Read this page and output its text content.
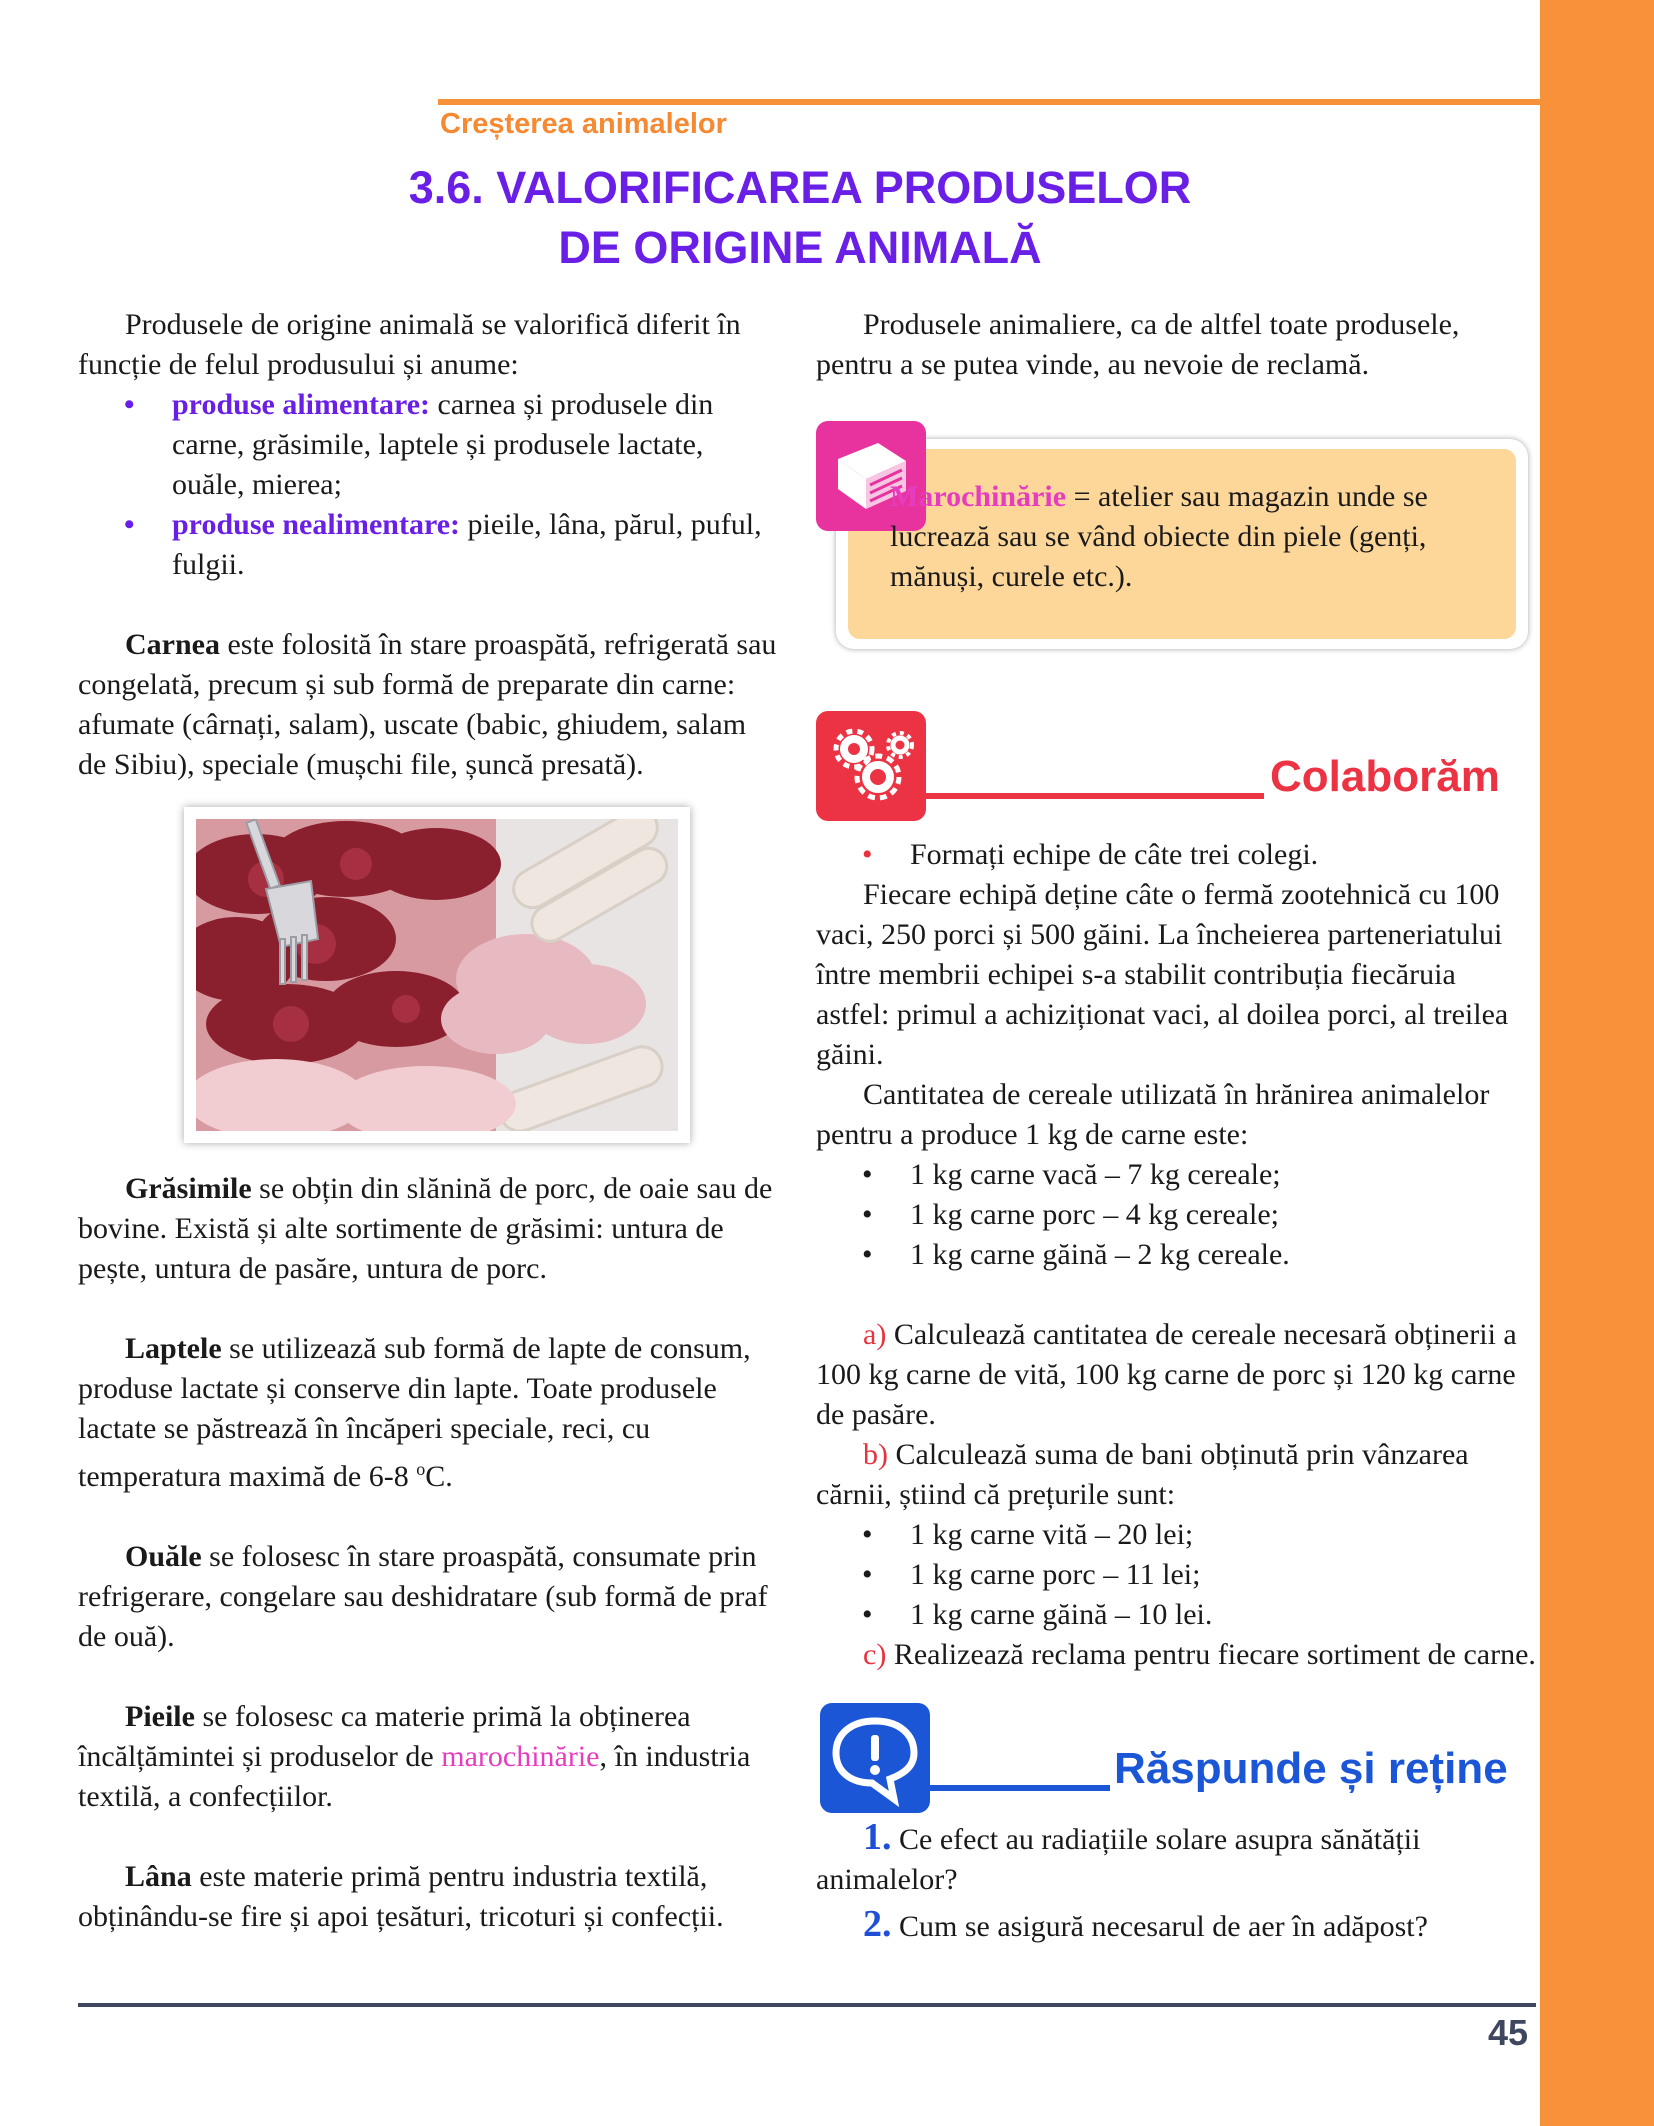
Creșterea animalelor
3.6. VALORIFICAREA PRODUSELOR
DE ORIGINE ANIMALĂ

Produsele de origine animală se valorifică diferit în funcție de felul produsului și anume:

• produse alimentare: carnea și produsele din carne, grăsimile, laptele și produsele lactate, ouăle, mierea;
• produse nealimentare: pieile, lâna, părul, puful, fulgii.

Carnea este folosită în stare proaspătă, refrigerată sau congelată, precum și sub formă de preparate din carne: afumate (cârnați, salam), uscate (babic, ghiudem, salam de Sibiu), speciale (mușchi file, șuncă presată).

Grăsimile se obțin din slănină de porc, de oaie sau de bovine. Există și alte sortimente de grăsimi: untura de pește, untura de pasăre, untura de porc.

Laptele se utilizează sub formă de lapte de consum, produse lactate și conserve din lapte. Toate produsele lactate se păstrează în încăperi speciale, reci, cu temperatura maximă de 6-8 $^o$C.

Ouăle se folosesc în stare proaspătă, consumate prin refrigerare, congelare sau deshidratare (sub formă de praf de ouă).

Pieile se folosesc ca materie primă la obținerea încălțămintei și produselor de marochinărie, în industria textilă, a confecțiilor.

Lâna este materie primă pentru industria textilă, obținându-se fire și apoi țesături, tricoturi și confecții.

Produsele animaliere, ca de altfel toate produsele, pentru a se putea vinde, au nevoie de reclamă.

Marochinărie = atelier sau magazin unde se lucrează sau se vând obiecte din piele (genți, mănuși, curele etc.).
Colaborăm
• Formați echipe de câte trei colegi.

Fiecare echipă deține câte o fermă zootehnică cu 100 vaci, 250 porci și 500 găini. La încheierea parteneriatului între membrii echipei s-a stabilit contribuția fiecăruia astfel: primul a achiziționat vaci, al doilea porci, al treilea găini.

Cantitatea de cereale utilizată în hrănirea animalelor pentru a produce 1 kg de carne este:

• 1 kg carne vacă – 7 kg cereale;
• 1 kg carne porc – 4 kg cereale;
• 1 kg carne găină – 2 kg cereale.

a) Calculează cantitatea de cereale necesară obținerii a 100 kg carne de vită, 100 kg carne de porc și 120 kg carne de pasăre.

b) Calculează suma de bani obținută prin vânzarea cărnii, știind că prețurile sunt:

• 1 kg carne vită – 20 lei;
• 1 kg carne porc – 11 lei;
• 1 kg carne găină – 10 lei.

c) Realizează reclama pentru fiecare sortiment de carne.

Răspunde și reține

1. Ce efect au radiațiile solare asupra sănătății animalelor?

2. Cum se asigură necesarul de aer în adăpost?

45
